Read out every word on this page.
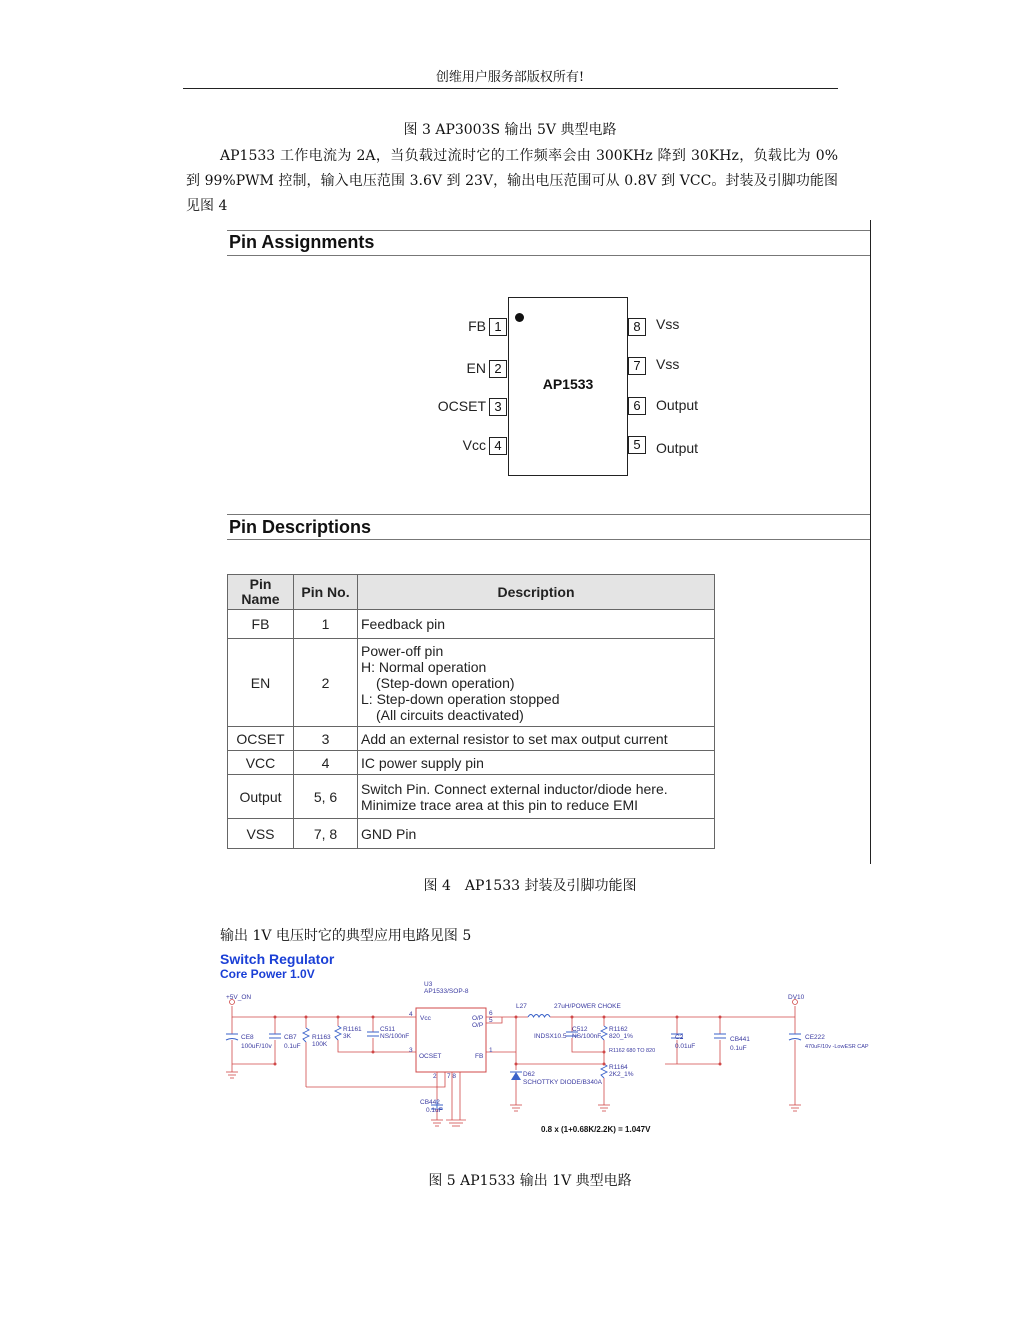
创维用户服务部版权所有!
图 3 AP3003S 输出 5V 典型电路
AP1533 工作电流为 2A，当负载过流时它的工作频率会由 300KHz 降到 30KHz，负载比为 0%到 99%PWM 控制，输入电压范围 3.6V 到 23V，输出电压范围可从 0.8V 到 VCC。封装及引脚功能图见图 4
Pin Assignments
AP1533
FB 1
EN 2
OCSET 3
Vcc 4
8	Vss
7	Vss
6	Output
5	Output
Pin Descriptions
Pin Name	Pin No.	Description
FB	1	Feedback pin
EN	2	Power-off pin
H: Normal operation
(Step-down operation)
L: Step-down operation stopped
(All circuits deactivated)

OCSET	3	Add an external resistor to set max output current
VCC	4	IC power supply pin
Output	5, 6	Switch Pin. Connect external inductor/diode here.
Minimize trace area at this pin to reduce EMI

VSS	7, 8	GND Pin
图 4　AP1533 封装及引脚功能图
输出 1V 电压时它的典型应用电路见图 5
Switch Regulator
Core Power 1.0V
U3
AP1533/SOP-8
+5V_ON	DV10
L27	27uH/POWER CHOKE
Vcc	O/P
O/P
OCSET	FB
4	6
5
3	1
2 7 8
CE8
100uF/10v
CB7
0.1uF
R1163
100K
R1161
3K
C511
NS/100nF	INDSX10.5
C512
NS/100nF
R1162
820_1%
R1162 680 TO 820
R1164
2K2_1%
C2
0.01uF
CB441
0.1uF
CE222
470uF/10v -LowESR CAP
D62
SCHOTTKY DIODE/B340A
CB442
0.1uF
0.8 x (1+0.68K/2.2K) = 1.047V
图 5 AP1533 输出 1V 典型电路
